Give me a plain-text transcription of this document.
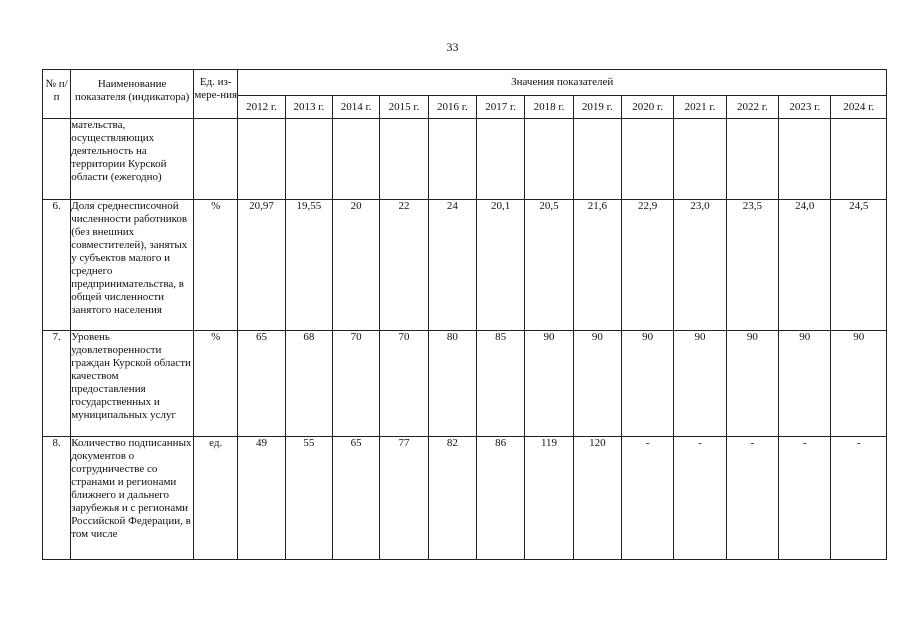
33
№ п/п	Наименование показателя (индикатора)	Ед. из-мере-ния	Значения показателей												
			2012 г.	2013 г.	2014 г.	2015 г.	2016 г.	2017 г.	2018 г.	2019 г.	2020 г.	2021 г.	2022 г.	2023 г.	2024 г.
	мательства, осуществляющих деятельность на территории Курской области (ежегодно)														
6.	Доля среднесписочной численности работников (без внешних совместителей), занятых у субъектов малого и среднего предпринимательства, в общей численности занятого населения	%	20,97	19,55	20	22	24	20,1	20,5	21,6	22,9	23,0	23,5	24,0	24,5
7.	Уровень удовлетворенности граждан Курской области качеством предоставления государственных и муниципальных услуг	%	65	68	70	70	80	85	90	90	90	90	90	90	90
8.	Количество подписанных документов о сотрудничестве со странами и регионами ближнего и дальнего зарубежья и с регионами Российской Федерации, в том числе	ед.	49	55	65	77	82	86	119	120	-	-	-	-	-
